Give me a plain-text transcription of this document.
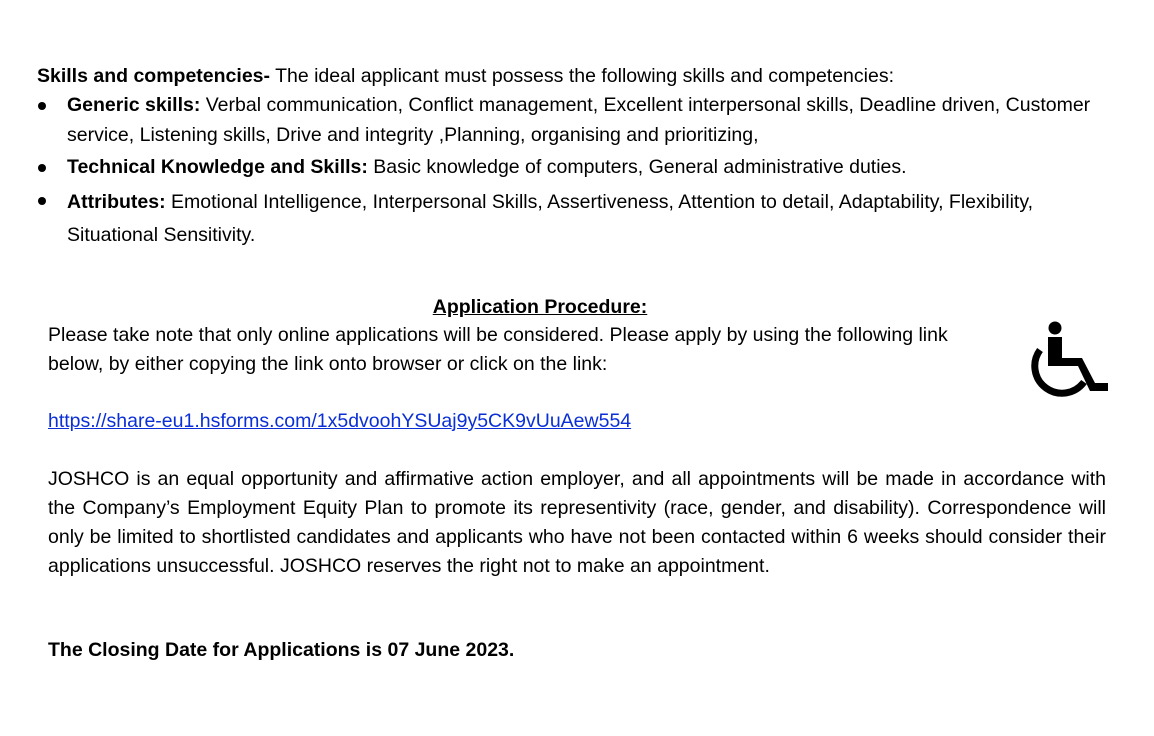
Skills and competencies- The ideal applicant must possess the following skills and competencies:

Generic skills: Verbal communication, Conflict management, Excellent interpersonal skills, Deadline driven, Customer service, Listening skills, Drive and integrity ,Planning, organising and prioritizing,
Technical Knowledge and Skills: Basic knowledge of computers, General administrative duties.
Attributes: Emotional Intelligence, Interpersonal Skills, Assertiveness, Attention to detail, Adaptability, Flexibility, Situational Sensitivity.
Application Procedure:

Please take note that only online applications will be considered. Please apply by using the following link below, by either copying the link onto browser or click on the link:

https://share-eu1.hsforms.com/1x5dvoohYSUaj9y5CK9vUuAew554

JOSHCO is an equal opportunity and affirmative action employer, and all appointments will be made in accordance with the Company’s Employment Equity Plan to promote its representivity (race, gender, and disability). Correspondence will only be limited to shortlisted candidates and applicants who have not been contacted within 6 weeks should consider their applications unsuccessful. JOSHCO reserves the right not to make an appointment.

The Closing Date for Applications is 07 June 2023.
